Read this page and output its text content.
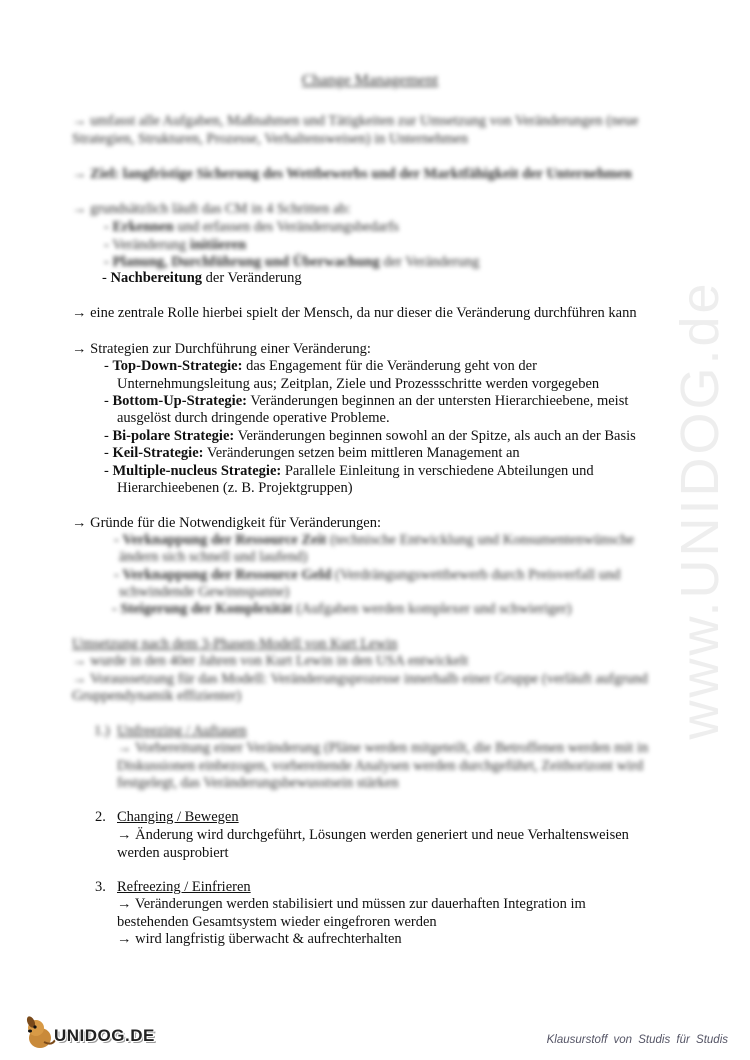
www.UNIDOG.de
Change Management
→ umfasst alle Aufgaben, Maßnahmen und Tätigkeiten zur Umsetzung von Veränderungen (neue
Strategien, Strukturen, Prozesse, Verhaltensweisen) in Unternehmen
→ Ziel: langfristige Sicherung des Wettbewerbs und der Marktfähigkeit der Unternehmen
→ grundsätzlich läuft das CM in 4 Schritten ab:
- Erkennen und erfassen des Veränderungsbedarfs
- Veränderung initiieren
- Planung, Durchführung und Überwachung der Veränderung
- Nachbereitung der Veränderung
→ eine zentrale Rolle hierbei spielt der Mensch, da nur dieser die Veränderung durchführen kann
→ Strategien zur Durchführung einer Veränderung:
- Top-Down-Strategie: das Engagement für die Veränderung geht von der
Unternehmungsleitung aus; Zeitplan, Ziele und Prozessschritte werden vorgegeben
- Bottom-Up-Strategie: Veränderungen beginnen an der untersten Hierarchieebene, meist
ausgelöst durch dringende operative Probleme.
- Bi-polare Strategie: Veränderungen beginnen sowohl an der Spitze, als auch an der Basis
- Keil-Strategie: Veränderungen setzen beim mittleren Management an
- Multiple-nucleus Strategie: Parallele Einleitung in verschiedene Abteilungen und
Hierarchieebenen (z. B. Projektgruppen)
→ Gründe für die Notwendigkeit für Veränderungen:
- Verknappung der Ressource Zeit (technische Entwicklung und Konsumentenwünsche
ändern sich schnell und laufend)
- Verknappung der Ressource Geld (Verdrängungswettbewerb durch Preisverfall und
schwindende Gewinnspanne)
- Steigerung der Komplexität (Aufgaben werden komplexer und schwieriger)
Umsetzung nach dem 3-Phasen-Modell von Kurt Lewin
→ wurde in den 40er Jahren von Kurt Lewin in den USA entwickelt
→ Voraussetzung für das Modell: Veränderungsprozesse innerhalb einer Gruppe (verläuft aufgrund
Gruppendynamik effizienter)
1.) Unfreezing / Auftauen
→ Vorbereitung einer Veränderung (Pläne werden mitgeteilt, die Betroffenen werden mit in
Diskussionen einbezogen, vorbereitende Analysen werden durchgeführt, Zeithorizont wird
festgelegt, das Veränderungsbewusstsein stärken
2. Changing / Bewegen
→ Änderung wird durchgeführt, Lösungen werden generiert und neue Verhaltensweisen
werden ausprobiert
3. Refreezing / Einfrieren
→ Veränderungen werden stabilisiert und müssen zur dauerhaften Integration im
bestehenden Gesamtsystem wieder eingefroren werden
→ wird langfristig überwacht & aufrechterhalten
UNIDOG.DE	Klausurstoff von Studis für Studis
